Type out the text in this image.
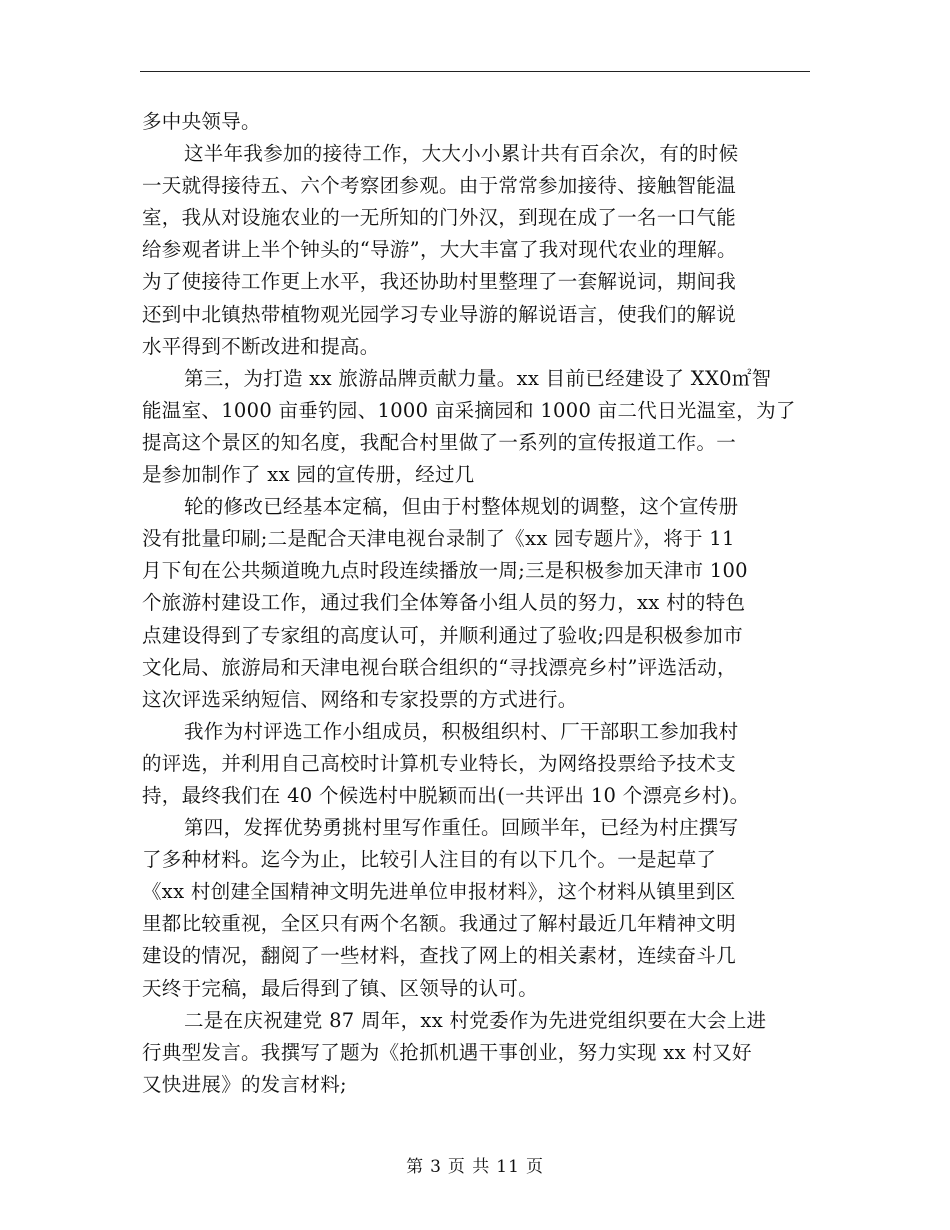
多中央领导。
这半年我参加的接待工作，大大小小累计共有百余次，有的时候
一天就得接待五、六个考察团参观。由于常常参加接待、接触智能温
室，我从对设施农业的一无所知的门外汉，到现在成了一名一口气能
给参观者讲上半个钟头的“导游”，大大丰富了我对现代农业的理解。
为了使接待工作更上水平，我还协助村里整理了一套解说词，期间我
还到中北镇热带植物观光园学习专业导游的解说语言，使我们的解说
水平得到不断改进和提高。
第三，为打造 xx 旅游品牌贡献力量。xx 目前已经建设了 XX0㎡智
能温室、1000 亩垂钓园、1000 亩采摘园和 1000 亩二代日光温室，为了
提高这个景区的知名度，我配合村里做了一系列的宣传报道工作。一
是参加制作了 xx 园的宣传册，经过几
轮的修改已经基本定稿，但由于村整体规划的调整，这个宣传册
没有批量印刷;二是配合天津电视台录制了《xx 园专题片》，将于 11
月下旬在公共频道晚九点时段连续播放一周;三是积极参加天津市 100
个旅游村建设工作，通过我们全体筹备小组人员的努力，xx 村的特色
点建设得到了专家组的高度认可，并顺利通过了验收;四是积极参加市
文化局、旅游局和天津电视台联合组织的“寻找漂亮乡村”评选活动，
这次评选采纳短信、网络和专家投票的方式进行。
我作为村评选工作小组成员，积极组织村、厂干部职工参加我村
的评选，并利用自己高校时计算机专业特长，为网络投票给予技术支
持，最终我们在 40 个候选村中脱颖而出(一共评出 10 个漂亮乡村)。
第四，发挥优势勇挑村里写作重任。回顾半年，已经为村庄撰写
了多种材料。迄今为止，比较引人注目的有以下几个。一是起草了
《xx 村创建全国精神文明先进单位申报材料》，这个材料从镇里到区
里都比较重视，全区只有两个名额。我通过了解村最近几年精神文明
建设的情况，翻阅了一些材料，查找了网上的相关素材，连续奋斗几
天终于完稿，最后得到了镇、区领导的认可。
二是在庆祝建党 87 周年，xx 村党委作为先进党组织要在大会上进
行典型发言。我撰写了题为《抢抓机遇干事创业，努力实现 xx 村又好
又快进展》的发言材料;
第 3 页 共 11 页
